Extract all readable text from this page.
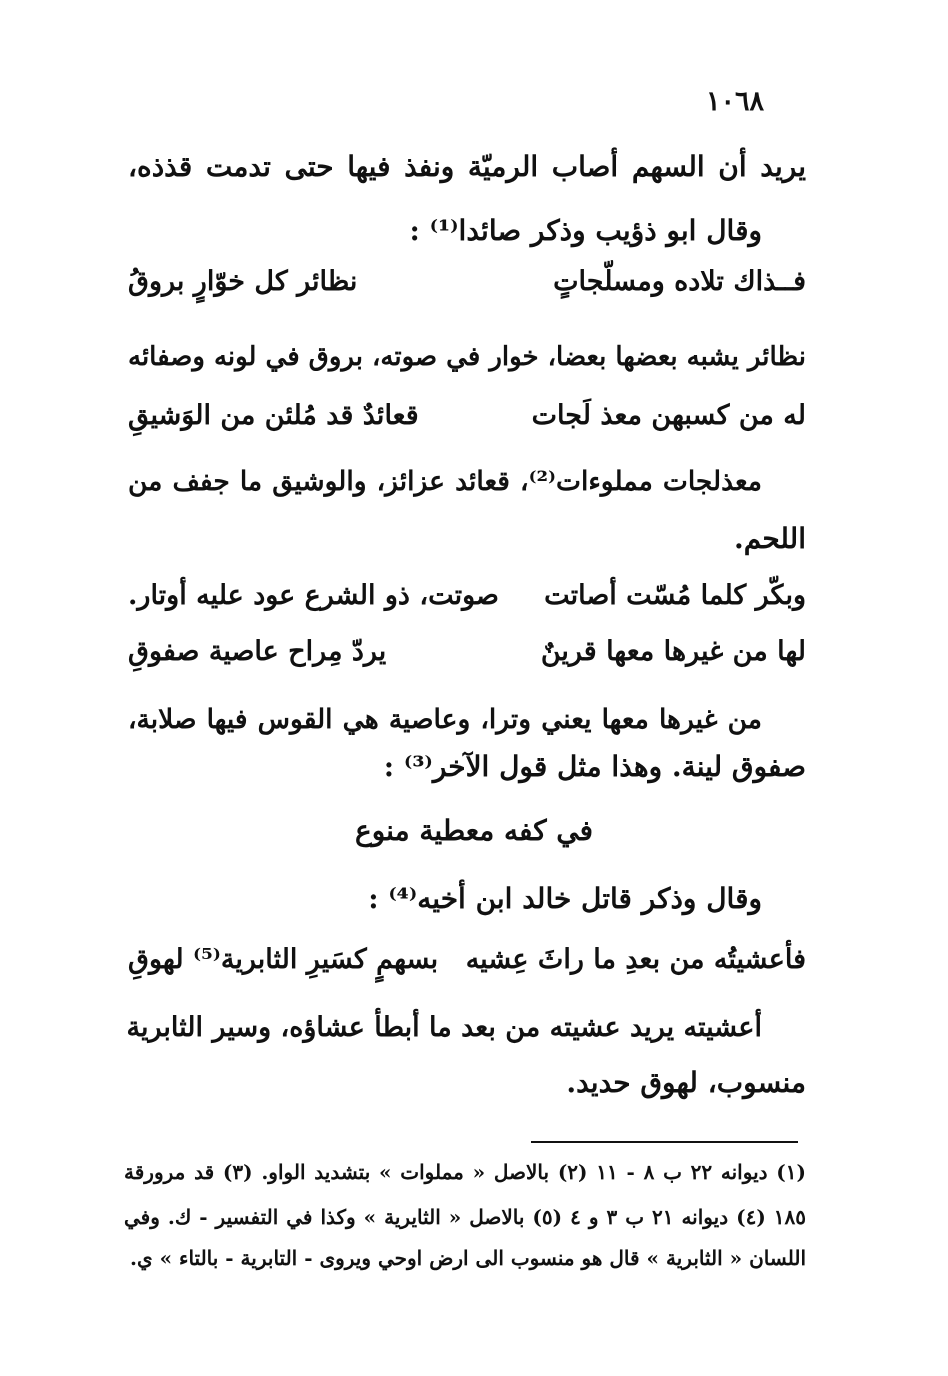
١٠٦٨
يريد أن السهم أصاب الرميّة ونفذ فيها حتى تدمت قذذه،
وقال ابو ذؤيب وذكر صائدا⁽¹⁾ :
فــذاك تلاده ومسلّجاتٍ
نظائر كل خوّارٍ بروقُ
نظائر يشبه بعضها بعضا، خوار في صوته، بروق في لونه وصفائه
له من كسبهن معذ لَجات
قعائدٌ قد مُلئن من الوَشيقِ
معذلجات مملوءات⁽²⁾، قعائد عزائز، والوشيق ما جفف من
اللحم.
وبكّر كلما مُسّت أصاتت
صوتت، ذو الشرع عود عليه أوتار.
لها من غيرها معها قرينٌ
يردّ مِراح عاصية صفوقِ
من غيرها معها يعني وترا، وعاصية هي القوس فيها صلابة،
صفوق لينة. وهذا مثل قول الآخر⁽³⁾ :
في كفه معطية منوع
وقال وذكر قاتل خالد ابن أخيه⁽⁴⁾ :
فأعشيتُه من بعدِ ما راثَ عِشيه
بسهمٍ كسَيرِ الثابرية⁽⁵⁾ لهوقِ
أعشيته يريد عشيته من بعد ما أبطأ عشاؤه، وسير الثابرية
منسوب، لهوق حديد.
(١) ديوانه ٢٢ ب ٨ - ١١ (٢) بالاصل « مملوات » بتشديد الواو. (٣) قد مرورقة
١٨٥ (٤) ديوانه ٢١ ب ٣ و ٤ (٥) بالاصل « الثايرية » وكذا في التفسير - ك. وفي
اللسان « الثابرية » قال هو منسوب الى ارض اوحي ويروى - التابرية - بالتاء » ي.
